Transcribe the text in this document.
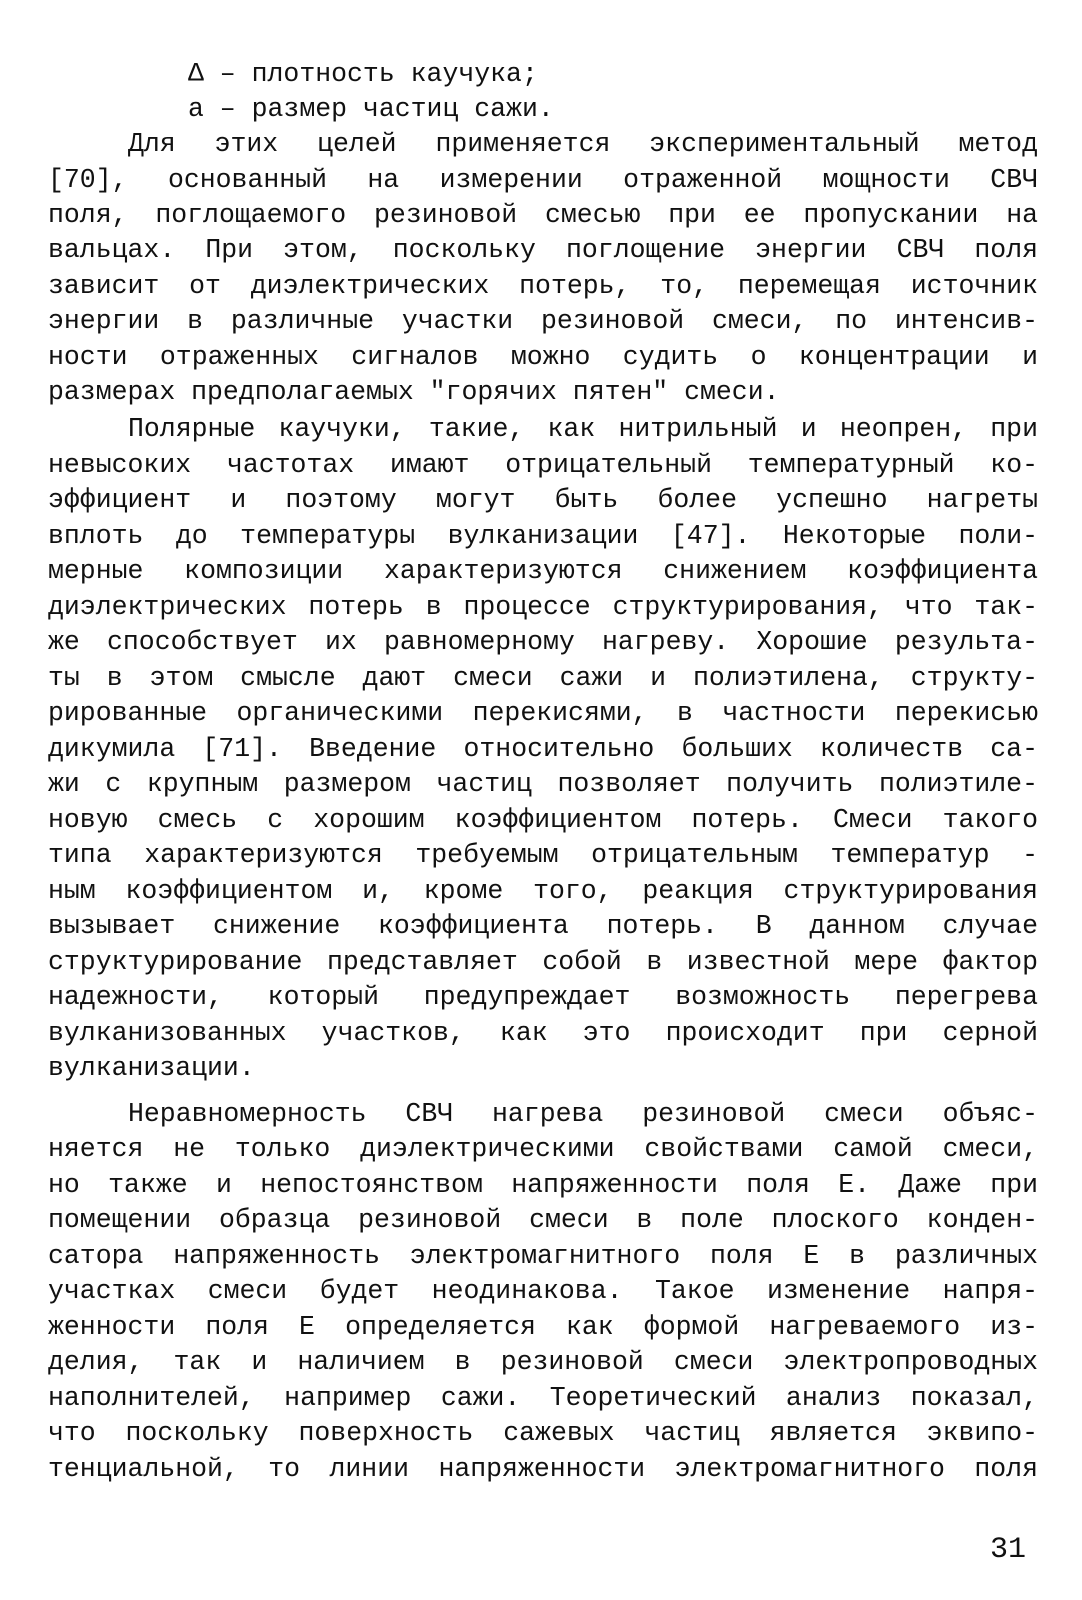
Δ – плотность каучука;
а – размер частиц сажи.
Для этих целей применяется экспериментальный метод
[70], основанный на измерении отраженной мощности СВЧ
поля, поглощаемого резиновой смесью при ее пропускании на
вальцах. При этом, поскольку поглощение энергии СВЧ поля
зависит от диэлектрических потерь, то, перемещая источник
энергии в различные участки резиновой смеси, по интенсив-
ности отраженных сигналов можно судить о концентрации и
размерах предполагаемых "горячих пятен" смеси.
Полярные каучуки, такие, как нитрильный и неопрен, при
невысоких частотах имают отрицательный температурный ко-
эффициент и поэтому могут быть более успешно нагреты
вплоть до температуры вулканизации [47]. Некоторые поли-
мерные композиции характеризуются снижением коэффициента
диэлектрических потерь в процессе структурирования, что так-
же способствует их равномерному нагреву. Хорошие результа-
ты в этом смысле дают смеси сажи и полиэтилена, структу-
рированные органическими перекисями, в частности перекисью
дикумила [71]. Введение относительно больших количеств са-
жи с крупным размером частиц позволяет получить полиэтиле-
новую смесь с хорошим коэффициентом потерь. Смеси такого
типа характеризуются требуемым отрицательным температур -
ным коэффициентом и, кроме того, реакция структурирования
вызывает снижение коэффициента потерь. В данном случае
структурирование представляет собой в известной мере фактор
надежности, который предупреждает возможность перегрева
вулканизованных участков, как это происходит при серной
вулканизации.
Неравномерность СВЧ нагрева резиновой смеси объяс-
няется не только диэлектрическими свойствами самой смеси,
но также и непостоянством напряженности поля Е. Даже при
помещении образца резиновой смеси в поле плоского конден-
сатора напряженность электромагнитного поля Е в различных
участках смеси будет неодинакова. Такое изменение напря-
женности поля Е определяется как формой нагреваемого из-
делия, так и наличием в резиновой смеси электропроводных
наполнителей, например сажи. Теоретический анализ показал,
что поскольку поверхность сажевых частиц является эквипо-
тенциальной, то линии напряженности электромагнитного поля
31
